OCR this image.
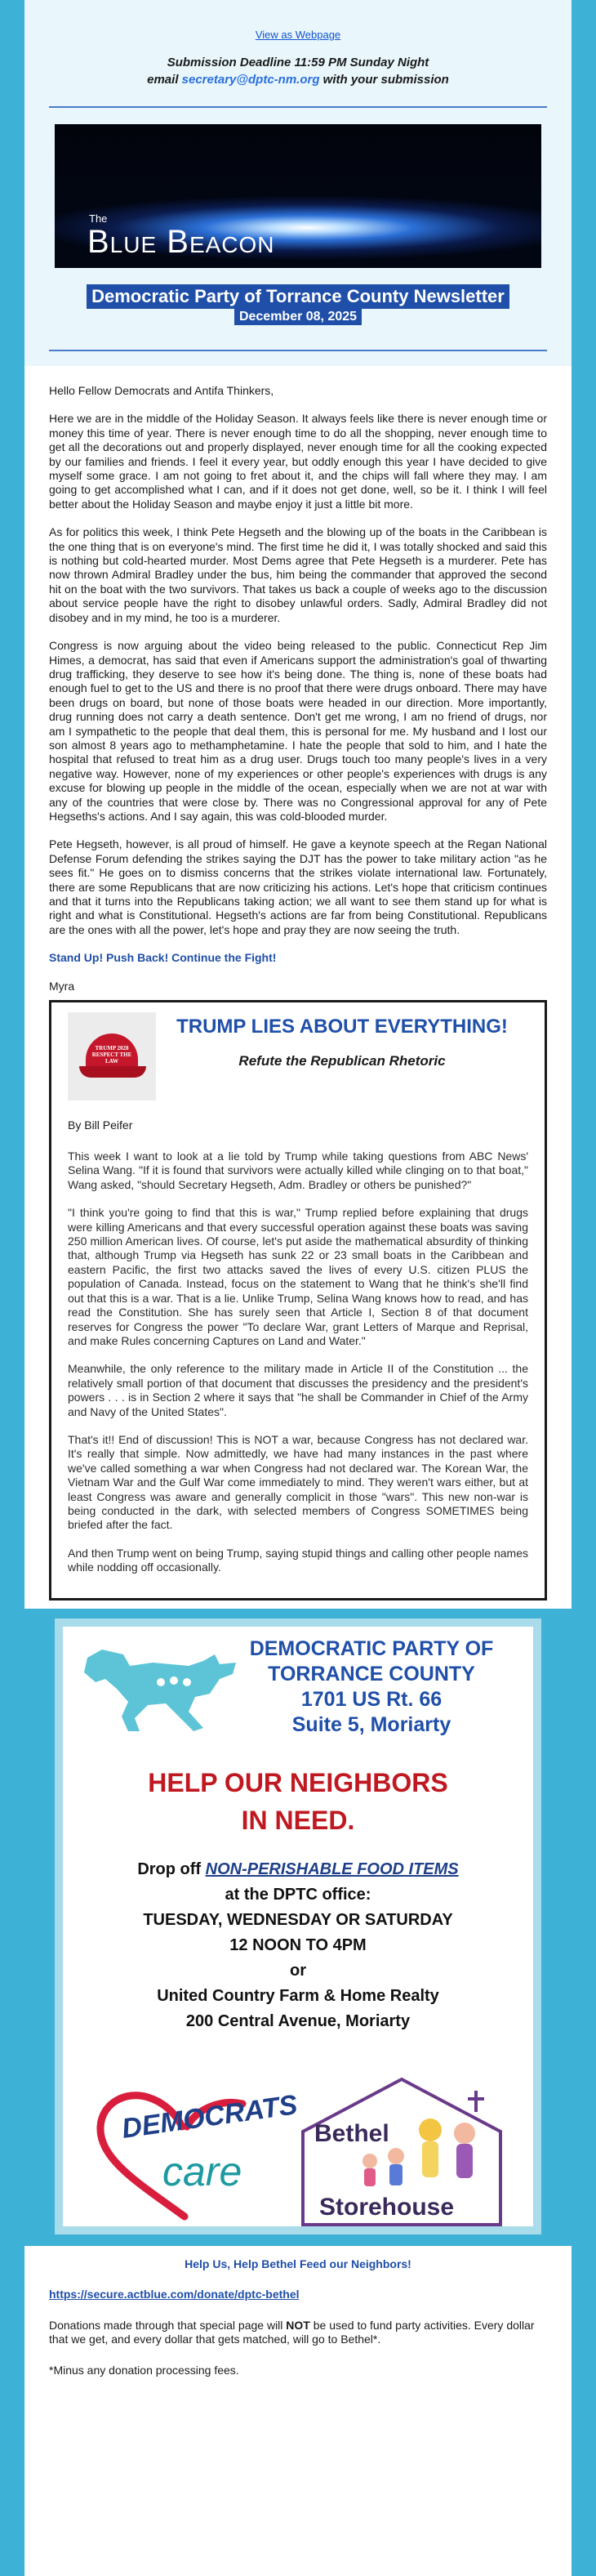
View as Webpage

Submission Deadline 11:59 PM Sunday Night

email secretary@dptc-nm.org with your submission

The
Blue Beacon
Democratic Party of Torrance County Newsletter
December 08, 2025

Hello Fellow Democrats and Antifa Thinkers,

Here we are in the middle of the Holiday Season. It always feels like there is never enough time or money this time of year. There is never enough time to do all the shopping, never enough time to get all the decorations out and properly displayed, never enough time for all the cooking expected by our families and friends. I feel it every year, but oddly enough this year I have decided to give myself some grace. I am not going to fret about it, and the chips will fall where they may. I am going to get accomplished what I can, and if it does not get done, well, so be it. I think I will feel better about the Holiday Season and maybe enjoy it just a little bit more.

As for politics this week, I think Pete Hegseth and the blowing up of the boats in the Caribbean is the one thing that is on everyone's mind. The first time he did it, I was totally shocked and said this is nothing but cold-hearted murder. Most Dems agree that Pete Hegseth is a murderer. Pete has now thrown Admiral Bradley under the bus, him being the commander that approved the second hit on the boat with the two survivors. That takes us back a couple of weeks ago to the discussion about service people have the right to disobey unlawful orders. Sadly, Admiral Bradley did not disobey and in my mind, he too is a murderer.

Congress is now arguing about the video being released to the public. Connecticut Rep Jim Himes, a democrat, has said that even if Americans support the administration's goal of thwarting drug trafficking, they deserve to see how it's being done. The thing is, none of these boats had enough fuel to get to the US and there is no proof that there were drugs onboard. There may have been drugs on board, but none of those boats were headed in our direction. More importantly, drug running does not carry a death sentence. Don't get me wrong, I am no friend of drugs, nor am I sympathetic to the people that deal them, this is personal for me. My husband and I lost our son almost 8 years ago to methamphetamine. I hate the people that sold to him, and I hate the hospital that refused to treat him as a drug user. Drugs touch too many people's lives in a very negative way. However, none of my experiences or other people's experiences with drugs is any excuse for blowing up people in the middle of the ocean, especially when we are not at war with any of the countries that were close by. There was no Congressional approval for any of Pete Hegseths's actions. And I say again, this was cold-blooded murder.

Pete Hegseth, however, is all proud of himself. He gave a keynote speech at the Regan National Defense Forum defending the strikes saying the DJT has the power to take military action "as he sees fit." He goes on to dismiss concerns that the strikes violate international law. Fortunately, there are some Republicans that are now criticizing his actions. Let's hope that criticism continues and that it turns into the Republicans taking action; we all want to see them stand up for what is right and what is Constitutional. Hegseth's actions are far from being Constitutional. Republicans are the ones with all the power, let's hope and pray they are now seeing the truth.

Stand Up! Push Back! Continue the Fight!

Myra

TRUMP 2028 RESPECT THE LAW

TRUMP LIES ABOUT EVERYTHING!

Refute the Republican Rhetoric

By Bill Peifer

This week I want to look at a lie told by Trump while taking questions from ABC News' Selina Wang. "If it is found that survivors were actually killed while clinging on to that boat," Wang asked, "should Secretary Hegseth, Adm. Bradley or others be punished?"

"I think you're going to find that this is war," Trump replied before explaining that drugs were killing Americans and that every successful operation against these boats was saving 250 million American lives. Of course, let's put aside the mathematical absurdity of thinking that, although Trump via Hegseth has sunk 22 or 23 small boats in the Caribbean and eastern Pacific, the first two attacks saved the lives of every U.S. citizen PLUS the population of Canada. Instead, focus on the statement to Wang that he think's she'll find out that this is a war. That is a lie. Unlike Trump, Selina Wang knows how to read, and has read the Constitution. She has surely seen that Article I, Section 8 of that document reserves for Congress the power "To declare War, grant Letters of Marque and Reprisal, and make Rules concerning Captures on Land and Water."

Meanwhile, the only reference to the military made in Article II of the Constitution ... the relatively small portion of that document that discusses the presidency and the president's powers . . . is in Section 2 where it says that "he shall be Commander in Chief of the Army and Navy of the United States".

That's it!! End of discussion! This is NOT a war, because Congress has not declared war. It's really that simple. Now admittedly, we have had many instances in the past where we've called something a war when Congress had not declared war. The Korean War, the Vietnam War and the Gulf War come immediately to mind. They weren't wars either, but at least Congress was aware and generally complicit in those "wars". This new non-war is being conducted in the dark, with selected members of Congress SOMETIMES being briefed after the fact.

And then Trump went on being Trump, saying stupid things and calling other people names while nodding off occasionally.

DEMOCRATIC PARTY OF
TORRANCE COUNTY
1701 US Rt. 66
Suite 5, Moriarty
HELP OUR NEIGHBORS
IN NEED.
Drop off NON-PERISHABLE FOOD ITEMS
at the DPTC office:
TUESDAY, WEDNESDAY OR SATURDAY
12 NOON TO 4PM
or
United Country Farm & Home Realty
200 Central Avenue, Moriarty
DEMOCRATS
care
Bethel
Storehouse

Help Us, Help Bethel Feed our Neighbors!

https://secure.actblue.com/donate/dptc-bethel

Donations made through that special page will NOT be used to fund party activities. Every dollar that we get, and every dollar that gets matched, will go to Bethel*.

*Minus any donation processing fees.
